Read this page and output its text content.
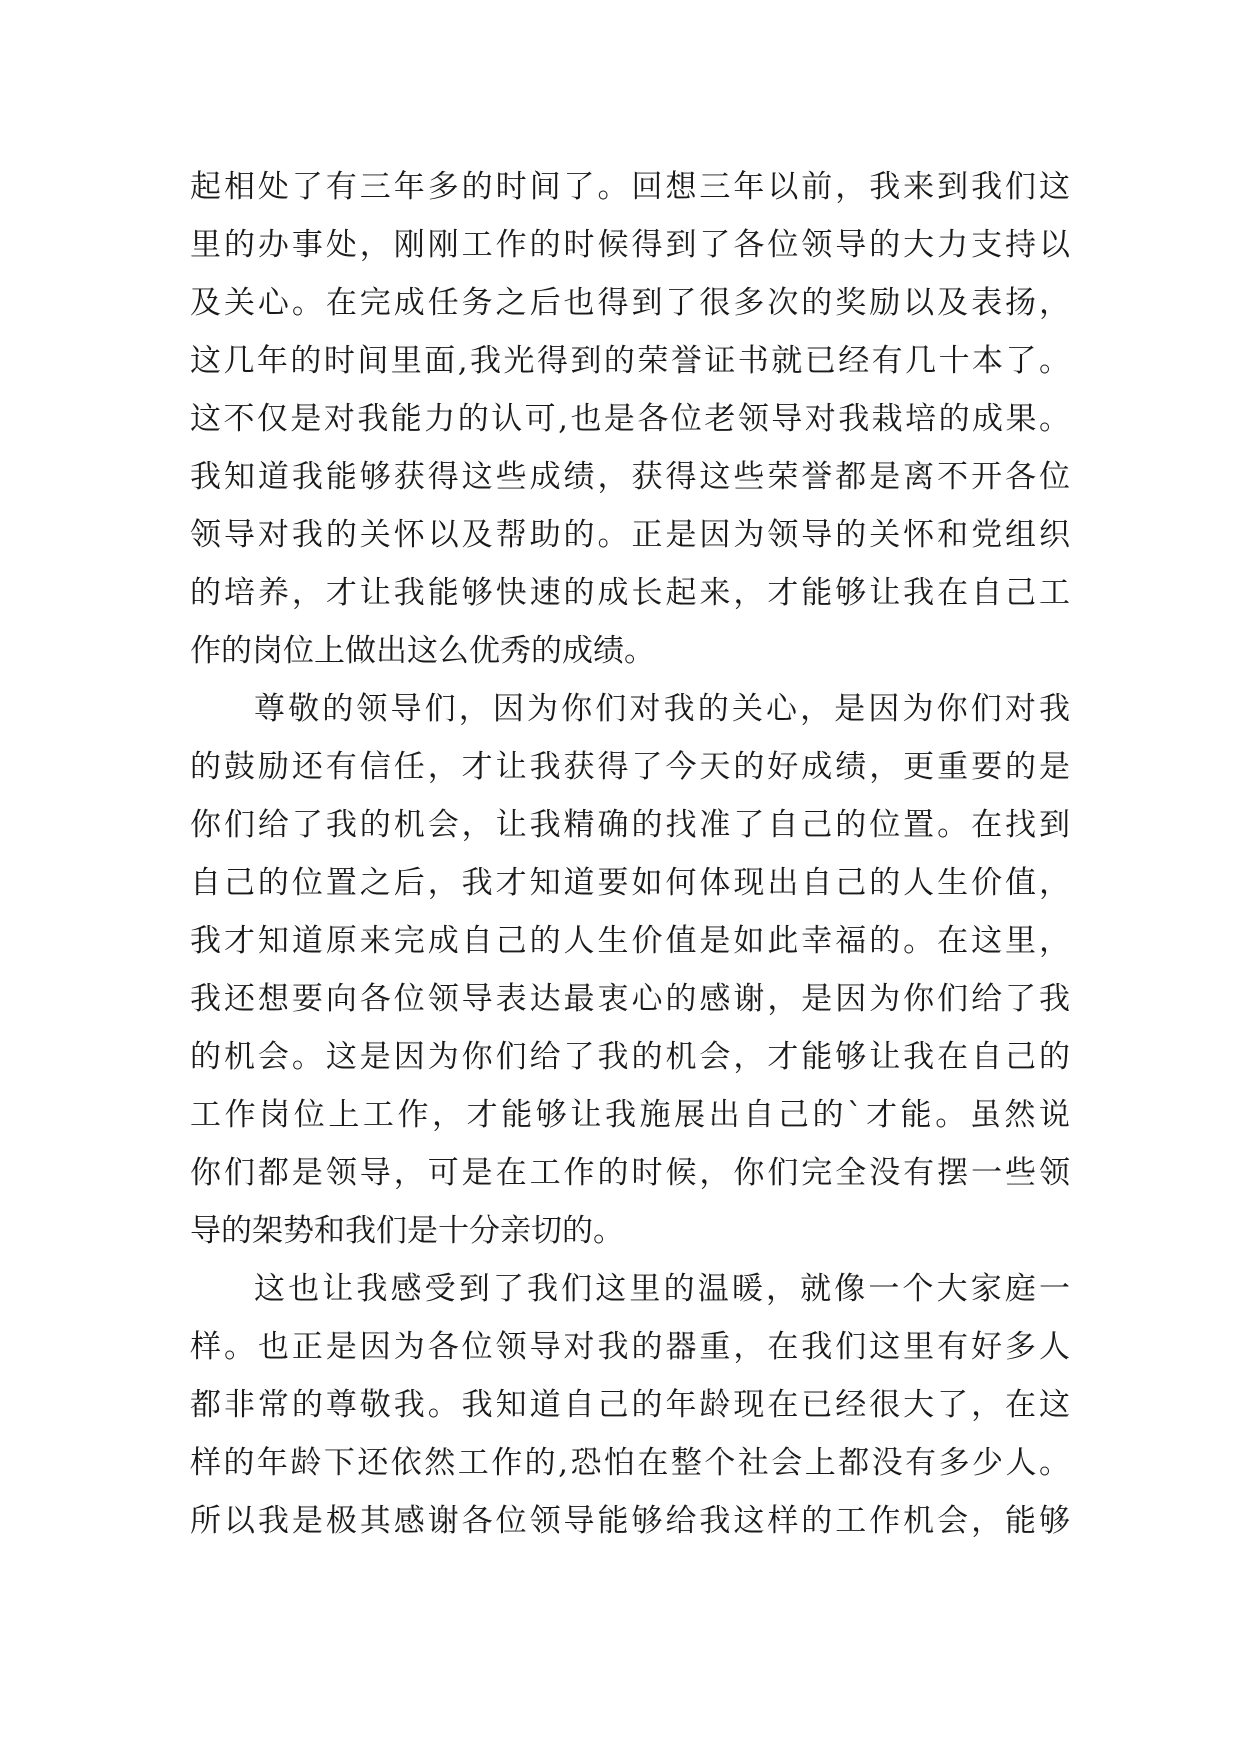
起相处了有三年多的时间了。回想三年以前，我来到我们这
里的办事处，刚刚工作的时候得到了各位领导的大力支持以
及关心。在完成任务之后也得到了很多次的奖励以及表扬，
这几年的时间里面,我光得到的荣誉证书就已经有几十本了。
这不仅是对我能力的认可,也是各位老领导对我栽培的成果。
我知道我能够获得这些成绩，获得这些荣誉都是离不开各位
领导对我的关怀以及帮助的。正是因为领导的关怀和党组织
的培养，才让我能够快速的成长起来，才能够让我在自己工
作的岗位上做出这么优秀的成绩。
尊敬的领导们，因为你们对我的关心，是因为你们对我
的鼓励还有信任，才让我获得了今天的好成绩，更重要的是
你们给了我的机会，让我精确的找准了自己的位置。在找到
自己的位置之后，我才知道要如何体现出自己的人生价值，
我才知道原来完成自己的人生价值是如此幸福的。在这里，
我还想要向各位领导表达最衷心的感谢，是因为你们给了我
的机会。这是因为你们给了我的机会，才能够让我在自己的
工作岗位上工作，才能够让我施展出自己的`才能。虽然说
你们都是领导，可是在工作的时候，你们完全没有摆一些领
导的架势和我们是十分亲切的。
这也让我感受到了我们这里的温暖，就像一个大家庭一
样。也正是因为各位领导对我的器重，在我们这里有好多人
都非常的尊敬我。我知道自己的年龄现在已经很大了，在这
样的年龄下还依然工作的,恐怕在整个社会上都没有多少人。
所以我是极其感谢各位领导能够给我这样的工作机会，能够
